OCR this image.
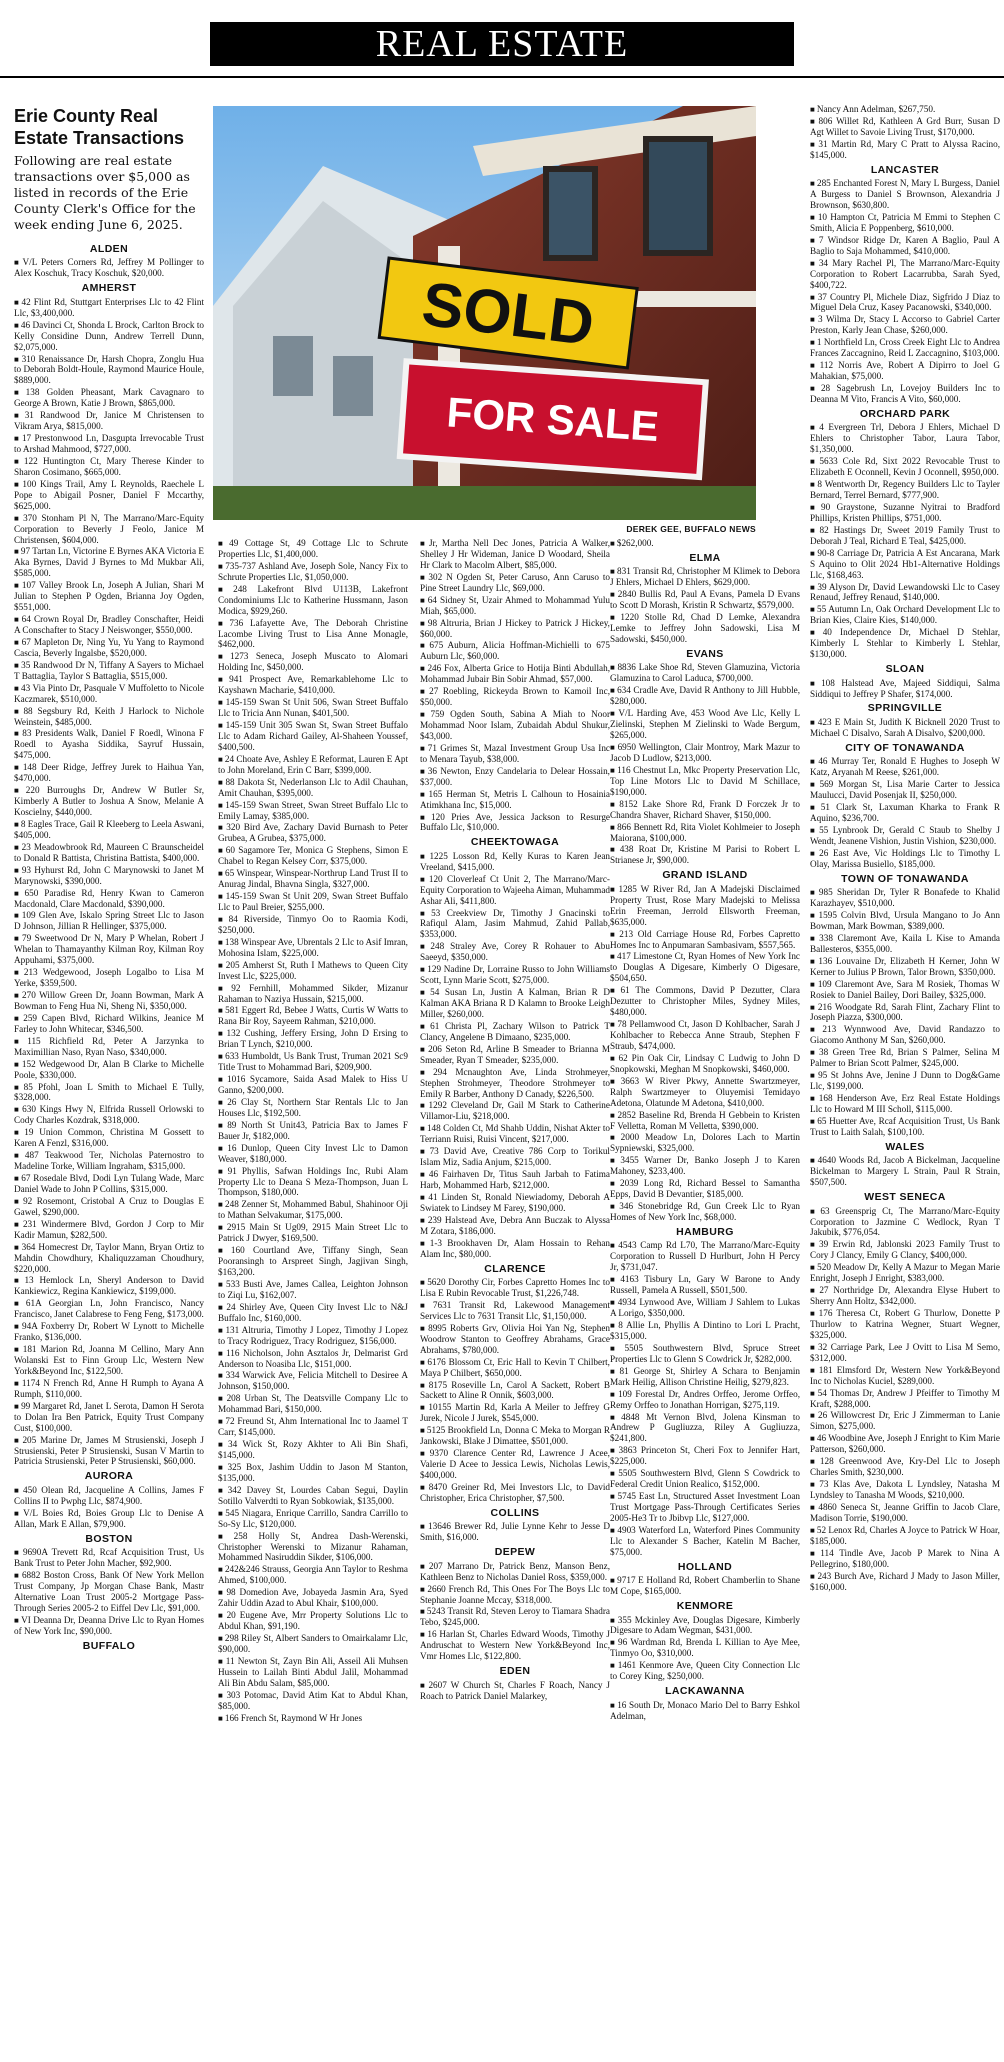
REAL ESTATE
Erie County Real Estate Transactions

Following are real estate transactions over $5,000 as listed in records of the Erie County Clerk's Office for the week ending June 6, 2025.

SOLD
FOR SALE
DEREK GEE, BUFFALO NEWS
ALDEN

■ V/L Peters Corners Rd, Jeffrey M Pollinger to Alex Koschuk, Tracy Koschuk, $20,000.

AMHERST

■ 42 Flint Rd, Stuttgart Enterprises Llc to 42 Flint Llc, $3,400,000.

■ 46 Davinci Ct, Shonda L Brock, Carlton Brock to Kelly Considine Dunn, Andrew Terrell Dunn, $2,075,000.

■ 310 Renaissance Dr, Harsh Chopra, Zonglu Hua to Deborah Boldt-Houle, Raymond Maurice Houle, $889,000.

■ 138 Golden Pheasant, Mark Cavagnaro to George A Brown, Katie J Brown, $865,000.

■ 31 Randwood Dr, Janice M Christensen to Vikram Arya, $815,000.

■ 17 Prestonwood Ln, Dasgupta Irrevocable Trust to Arshad Mahmood, $727,000.

■ 122 Huntington Ct, Mary Therese Kinder to Sharon Cosimano, $665,000.

■ 100 Kings Trail, Amy L Reynolds, Raechele L Pope to Abigail Posner, Daniel F Mccarthy, $625,000.

■ 370 Stonham Pl N, The Marrano/Marc-Equity Corporation to Beverly J Feolo, Janice M Christensen, $604,000.

■ 97 Tartan Ln, Victorine E Byrnes AKA Victoria E Aka Byrnes, David J Byrnes to Md Mukbar Ali, $585,000.

■ 107 Valley Brook Ln, Joseph A Julian, Shari M Julian to Stephen P Ogden, Brianna Joy Ogden, $551,000.

■ 64 Crown Royal Dr, Bradley Conschafter, Heidi A Conschafter to Stacy J Neiswonger, $550,000.

■ 67 Mapleton Dr, Ning Yu, Yu Yang to Raymond Cascia, Beverly Ingalsbe, $520,000.

■ 35 Randwood Dr N, Tiffany A Sayers to Michael T Battaglia, Taylor S Battaglia, $515,000.

■ 43 Via Pinto Dr, Pasquale V Muffoletto to Nicole Kaczmarek, $510,000.

■ 88 Segsbury Rd, Keith J Harlock to Nichole Weinstein, $485,000.

■ 83 Presidents Walk, Daniel F Roedl, Winona F Roedl to Ayasha Siddika, Sayruf Hussain, $475,000.

■ 148 Deer Ridge, Jeffrey Jurek to Haihua Yan, $470,000.

■ 220 Burroughs Dr, Andrew W Butler Sr, Kimberly A Butler to Joshua A Snow, Melanie A Koscielny, $440,000.

■ 8 Eagles Trace, Gail R Kleeberg to Leela Aswani, $405,000.

■ 23 Meadowbrook Rd, Maureen C Braunscheidel to Donald R Battista, Christina Battista, $400,000.

■ 93 Hyhurst Rd, John C Marynowski to Janet M Marynowski, $390,000.

■ 650 Paradise Rd, Henry Kwan to Cameron Macdonald, Clare Macdonald, $390,000.

■ 109 Glen Ave, Iskalo Spring Street Llc to Jason D Johnson, Jillian R Hellinger, $375,000.

■ 79 Sweetwood Dr N, Mary P Whelan, Robert J Whelan to Thamayanthy Kilman Roy, Kilman Roy Appuhami, $375,000.

■ 213 Wedgewood, Joseph Logalbo to Lisa M Yerke, $359,500.

■ 270 Willow Green Dr, Joann Bowman, Mark A Bowman to Feng Hua Ni, Sheng Ni, $350,000.

■ 259 Capen Blvd, Richard Wilkins, Jeanice M Farley to John Whitecar, $346,500.

■ 115 Richfield Rd, Peter A Jarzynka to Maximillian Naso, Ryan Naso, $340,000.

■ 152 Wedgewood Dr, Alan B Clarke to Michelle Poole, $330,000.

■ 85 Pfohl, Joan L Smith to Michael E Tully, $328,000.

■ 630 Kings Hwy N, Elfrida Russell Orlowski to Cody Charles Kozdrak, $318,000.

■ 19 Union Common, Christina M Gossett to Karen A Fenzl, $316,000.

■ 487 Teakwood Ter, Nicholas Paternostro to Madeline Torke, William Ingraham, $315,000.

■ 67 Rosedale Blvd, Dodi Lyn Tulang Wade, Marc Daniel Wade to John P Collins, $315,000.

■ 92 Rosemont, Cristobal A Cruz to Douglas E Gawel, $290,000.

■ 231 Windermere Blvd, Gordon J Corp to Mir Kadir Mamun, $282,500.

■ 364 Homecrest Dr, Taylor Mann, Bryan Ortiz to Mahdin Chowdhury, Khaliquzzaman Choudhury, $220,000.

■ 13 Hemlock Ln, Sheryl Anderson to David Kankiewicz, Regina Kankiewicz, $199,000.

■ 61A Georgian Ln, John Francisco, Nancy Francisco, Janet Calabrese to Feng Feng, $173,000.

■ 94A Foxberry Dr, Robert W Lynott to Michelle Franko, $136,000.

■ 181 Marion Rd, Joanna M Cellino, Mary Ann Wolanski Est to Finn Group Llc, Western New York&Beyond Inc, $122,500.

■ 1174 N French Rd, Anne H Rumph to Ayana A Rumph, $110,000.

■ 99 Margaret Rd, Janet L Serota, Damon H Serota to Dolan Ira Ben Patrick, Equity Trust Company Cust, $100,000.

■ 205 Marine Dr, James M Strusienski, Joseph J Strusienski, Peter P Strusienski, Susan V Martin to Patricia Strusienski, Peter P Strusienski, $60,000.

AURORA

■ 450 Olean Rd, Jacqueline A Collins, James F Collins II to Pwphg Llc, $874,900.

■ V/L Boies Rd, Boies Group Llc to Denise A Allan, Mark E Allan, $79,900.

BOSTON

■ 9690A Trevett Rd, Rcaf Acquisition Trust, Us Bank Trust to Peter John Macher, $92,900.

■ 6882 Boston Cross, Bank Of New York Mellon Trust Company, Jp Morgan Chase Bank, Mastr Alternative Loan Trust 2005-2 Mortgage Pass-Through Series 2005-2 to Eiffel Dev Llc, $91,000.

■ VI Deanna Dr, Deanna Drive Llc to Ryan Homes of New York Inc, $90,000.

BUFFALO

■ 49 Cottage St, 49 Cottage Llc to Schrute Properties Llc, $1,400,000.

■ 735-737 Ashland Ave, Joseph Sole, Nancy Fix to Schrute Properties Llc, $1,050,000.

■ 248 Lakefront Blvd U113B, Lakefront Condominiums Llc to Katherine Hussmann, Jason Modica, $929,260.

■ 736 Lafayette Ave, The Deborah Christine Lacombe Living Trust to Lisa Anne Monagle, $462,000.

■ 1273 Seneca, Joseph Muscato to Alomari Holding Inc, $450,000.

■ 941 Prospect Ave, Remarkablehome Llc to Kayshawn Macharie, $410,000.

■ 145-159 Swan St Unit 506, Swan Street Buffalo Llc to Tricia Ann Nunan, $401,500.

■ 145-159 Unit 305 Swan St, Swan Street Buffalo Llc to Adam Richard Gailey, Al-Shaheen Youssef, $400,500.

■ 24 Choate Ave, Ashley E Reformat, Lauren E Apt to John Moreland, Erin C Barr, $399,000.

■ 88 Dakota St, Nederlanson Llc to Adil Chauhan, Amit Chauhan, $395,000.

■ 145-159 Swan Street, Swan Street Buffalo Llc to Emily Lamay, $385,000.

■ 320 Bird Ave, Zachary David Burnash to Peter Grubea, A Grubea, $375,000.

■ 60 Sagamore Ter, Monica G Stephens, Simon E Chabel to Regan Kelsey Corr, $375,000.

■ 65 Winspear, Winspear-Northrup Land Trust II to Anurag Jindal, Bhavna Singla, $327,000.

■ 145-159 Swan St Unit 209, Swan Street Buffalo Llc to Paul Breier, $255,000.

■ 84 Riverside, Tinmyo Oo to Raomia Kodi, $250,000.

■ 138 Winspear Ave, Ubrentals 2 Llc to Asif Imran, Mohosina Islam, $225,000.

■ 205 Amherst St, Ruth I Mathews to Queen City Invest Llc, $225,000.

■ 92 Fernhill, Mohammed Sikder, Mizanur Rahaman to Naziya Hussain, $215,000.

■ 581 Eggert Rd, Bebee J Watts, Curtis W Watts to Rana Bir Roy, Sayeem Rahman, $210,000.

■ 132 Cushing, Jeffery Ersing, John D Ersing to Brian T Lynch, $210,000.

■ 633 Humboldt, Us Bank Trust, Truman 2021 Sc9 Title Trust to Mohammad Bari, $209,900.

■ 1016 Sycamore, Saida Asad Malek to Hiss U Ganno, $200,000.

■ 26 Clay St, Northern Star Rentals Llc to Jan Houses Llc, $192,500.

■ 89 North St Unit43, Patricia Bax to James F Bauer Jr, $182,000.

■ 16 Dunlop, Queen City Invest Llc to Damon Weaver, $180,000.

■ 91 Phyllis, Safwan Holdings Inc, Rubi Alam Property Llc to Deana S Meza-Thompson, Juan L Thompson, $180,000.

■ 248 Zenner St, Mohammed Babul, Shahinoor Oji to Mathan Selvakumar, $175,000.

■ 2915 Main St Ug09, 2915 Main Street Llc to Patrick J Dwyer, $169,500.

■ 160 Courtland Ave, Tiffany Singh, Sean Pooransingh to Arspreet Singh, Jagjivan Singh, $163,200.

■ 533 Busti Ave, James Callea, Leighton Johnson to Ziqi Lu, $162,007.

■ 24 Shirley Ave, Queen City Invest Llc to N&J Buffalo Inc, $160,000.

■ 131 Altruria, Timothy J Lopez, Timothy J Lopez to Tracy Rodriguez, Tracy Rodriguez, $156,000.

■ 116 Nicholson, John Asztalos Jr, Delmarist Grd Anderson to Noasiba Llc, $151,000.

■ 334 Warwick Ave, Felicia Mitchell to Desiree A Johnson, $150,000.

■ 208 Urban St, The Deatsville Company Llc to Mohammad Bari, $150,000.

■ 72 Freund St, Ahm International Inc to Jaamel T Carr, $145,000.

■ 34 Wick St, Rozy Akhter to Ali Bin Shafi, $145,000.

■ 325 Box, Jashim Uddin to Jason M Stanton, $135,000.

■ 342 Davey St, Lourdes Caban Segui, Daylin Sotillo Valverdti to Ryan Sobkowiak, $135,000.

■ 545 Niagara, Enrique Carrillo, Sandra Carrillo to So-Sy Llc, $120,000.

■ 258 Holly St, Andrea Dash-Werenski, Christopher Werenski to Mizanur Rahaman, Mohammed Nasiruddin Sikder, $106,000.

■ 242&246 Strauss, Georgia Ann Taylor to Reshma Ahmed, $100,000.

■ 98 Domedion Ave, Jobayeda Jasmin Ara, Syed Zahir Uddin Azad to Abul Khair, $100,000.

■ 20 Eugene Ave, Mrr Property Solutions Llc to Abdul Khan, $91,190.

■ 298 Riley St, Albert Sanders to Omairkalamr Llc, $90,000.

■ 11 Newton St, Zayn Bin Ali, Asseil Ali Muhsen Hussein to Lailah Binti Abdul Jalil, Mohammad Ali Bin Abdu Salam, $85,000.

■ 303 Potomac, David Atim Kat to Abdul Khan, $85,000.

■ 166 French St, Raymond W Hr Jones

■ Jr, Martha Nell Dec Jones, Patricia A Walker, Shelley J Hr Wideman, Janice D Woodard, Sheila Hr Clark to Macolm Albert, $85,000.

■ 302 N Ogden St, Peter Caruso, Ann Caruso to Pine Street Laundry Llc, $69,000.

■ 64 Sidney St, Uzair Ahmed to Mohammad Yulu Miah, $65,000.

■ 98 Altruria, Brian J Hickey to Patrick J Hickey, $60,000.

■ 675 Auburn, Alicia Hoffman-Michielli to 675 Auburn Llc, $60,000.

■ 246 Fox, Alberta Grice to Hotija Binti Abdullah, Mohammad Jubair Bin Sobir Ahmad, $57,000.

■ 27 Roebling, Rickeyda Brown to Kamoil Inc, $50,000.

■ 759 Ogden South, Sabina A Miah to Noor Mohammad Noor Islam, Zubaidah Abdul Shukur, $43,000.

■ 71 Grimes St, Mazal Investment Group Usa Inc to Menara Tayub, $38,000.

■ 36 Newton, Enzy Candelaria to Delear Hossain, $37,000.

■ 165 Herman St, Metris L Calhoun to Hosainia Atimkhana Inc, $15,000.

■ 120 Pries Ave, Jessica Jackson to Resurge Buffalo Llc, $10,000.

CHEEKTOWAGA

■ 1225 Losson Rd, Kelly Kuras to Karen Jean Vreeland, $415,000.

■ 120 Cloverleaf Ct Unit 2, The Marrano/Marc-Equity Corporation to Wajeeha Aiman, Muhammad Ashar Ali, $411,800.

■ 53 Creekview Dr, Timothy J Gnacinski to Rafiqul Alam, Jasim Mahmud, Zahid Pallab, $353,000.

■ 248 Straley Ave, Corey R Rohauer to Abu Saeeyd, $350,000.

■ 129 Nadine Dr, Lorraine Russo to John Williams Scott, Lynn Marie Scott, $275,000.

■ 54 Susan Ln, Justin A Kalman, Brian R D Kalman AKA Briana R D Kalamn to Brooke Leigh Miller, $260,000.

■ 61 Christa Pl, Zachary Wilson to Patrick T Clancy, Angelene B Dimaano, $235,000.

■ 206 Seton Rd, Arline B Smeader to Brianna M Smeader, Ryan T Smeader, $235,000.

■ 294 Mcnaughton Ave, Linda Strohmeyer, Stephen Strohmeyer, Theodore Strohmeyer to Emily R Barber, Anthony D Canady, $226,500.

■ 1292 Cleveland Dr, Gail M Stark to Catherine Villamor-Liu, $218,000.

■ 148 Colden Ct, Md Shahb Uddin, Nishat Akter to Terriann Ruisi, Ruisi Vincent, $217,000.

■ 73 David Ave, Creative 786 Corp to Torikul Islam Miz, Sadia Anjum, $215,000.

■ 46 Fairhaven Dr, Titus Sauh Jarbah to Fatima Harb, Mohammed Harb, $212,000.

■ 41 Linden St, Ronald Niewiadomy, Deborah A Swiatek to Lindsey M Farey, $190,000.

■ 239 Halstead Ave, Debra Ann Buczak to Alyssa M Zotara, $186,000.

■ 1-3 Brookhaven Dr, Alam Hossain to Rehan Alam Inc, $80,000.

CLARENCE

■ 5620 Dorothy Cir, Forbes Capretto Homes Inc to Lisa E Rubin Revocable Trust, $1,226,748.

■ 7631 Transit Rd, Lakewood Management Services Llc to 7631 Transit Llc, $1,150,000.

■ 8995 Roberts Grv, Olivia Hoi Yan Ng, Stephen Woodrow Stanton to Geoffrey Abrahams, Grace Abrahams, $780,000.

■ 6176 Blossom Ct, Eric Hall to Kevin T Chilbert, Maya P Chilbert, $650,000.

■ 8175 Roseville Ln, Carol A Sackett, Robert B Sackett to Aline R Onnik, $603,000.

■ 10155 Martin Rd, Karla A Meiler to Jeffrey G Jurek, Nicole J Jurek, $545,000.

■ 5125 Brookfield Ln, Donna C Meka to Morgan R Jankowski, Blake J Dimattee, $501,000.

■ 9370 Clarence Center Rd, Lawrence J Acee, Valerie D Acee to Jessica Lewis, Nicholas Lewis, $400,000.

■ 8470 Greiner Rd, Mei Investors Llc, to David Christopher, Erica Christopher, $7,500.

COLLINS

■ 13646 Brewer Rd, Julie Lynne Kehr to Jesse D Smith, $16,000.

DEPEW

■ 207 Marrano Dr, Patrick Benz, Manson Benz, Kathleen Benz to Nicholas Daniel Ross, $359,000.

■ 2660 French Rd, This Ones For The Boys Llc to Stephanie Joanne Mccay, $318,000.

■ 5243 Transit Rd, Steven Leroy to Tiamara Shadra Tebo, $245,000.

■ 16 Harlan St, Charles Edward Woods, Timothy J Andruschat to Western New York&Beyond Inc, Vmr Homes Llc, $122,800.

EDEN

■ 2607 W Church St, Charles F Roach, Nancy J Roach to Patrick Daniel Malarkey,

■ $262,000.

ELMA

■ 831 Transit Rd, Christopher M Klimek to Debora J Ehlers, Michael D Ehlers, $629,000.

■ 2840 Bullis Rd, Paul A Evans, Pamela D Evans to Scott D Morash, Kristin R Schwartz, $579,000.

■ 1220 Stolle Rd, Chad D Lemke, Alexandra Lemke to Jeffrey John Sadowski, Lisa M Sadowski, $450,000.

EVANS

■ 8836 Lake Shoe Rd, Steven Glamuzina, Victoria Glamuzina to Carol Laduca, $700,000.

■ 634 Cradle Ave, David R Anthony to Jill Hubble, $280,000.

■ V/L Harding Ave, 453 Wood Ave Llc, Kelly L Zielinski, Stephen M Zielinski to Wade Bergum, $265,000.

■ 6950 Wellington, Clair Montroy, Mark Mazur to Jacob D Ludlow, $213,000.

■ 116 Chestnut Ln, Mkc Property Preservation Llc, Top Line Motors Llc to David M Schillace, $190,000.

■ 8152 Lake Shore Rd, Frank D Forczek Jr to Chandra Shaver, Richard Shaver, $150,000.

■ 866 Bennett Rd, Rita Violet Kohlmeier to Joseph Maiorana, $100,000.

■ 438 Roat Dr, Kristine M Parisi to Robert L Strianese Jr, $90,000.

GRAND ISLAND

■ 1285 W River Rd, Jan A Madejski Disclaimed Property Trust, Rose Mary Madejski to Melissa Erin Freeman, Jerrold Ellsworth Freeman, $635,000.

■ 213 Old Carriage House Rd, Forbes Capretto Homes Inc to Anpumaran Sambasivam, $557,565.

■ 417 Limestone Ct, Ryan Homes of New York Inc to Douglas A Digesare, Kimberly O Digesare, $504,650.

■ 61 The Commons, David P Dezutter, Clara Dezutter to Christopher Miles, Sydney Miles, $480,000.

■ 78 Pellamwood Ct, Jason D Kohlbacher, Sarah J Kohlbacher to Rebecca Anne Straub, Stephen F Straub, $474,000.

■ 62 Pin Oak Cir, Lindsay C Ludwig to John D Snopkowski, Meghan M Snopkowski, $460,000.

■ 3663 W River Pkwy, Annette Swartzmeyer, Ralph Swartzmeyer to Oluyemisi Temidayo Adetona, Olatunde M Adetona, $410,000.

■ 2852 Baseline Rd, Brenda H Gebbein to Kristen F Velletta, Roman M Velletta, $390,000.

■ 2000 Meadow Ln, Dolores Lach to Martin Sypniewski, $325,000.

■ 3455 Warner Dr, Banko Joseph J to Karen Mahoney, $233,400.

■ 2039 Long Rd, Richard Bessel to Samantha Epps, David B Devantier, $185,000.

■ 346 Stonebridge Rd, Gun Creek Llc to Ryan Homes of New York Inc, $68,000.

HAMBURG

■ 4543 Camp Rd L70, The Marrano/Marc-Equity Corporation to Russell D Hurlburt, John H Percy Jr, $731,047.

■ 4163 Tisbury Ln, Gary W Barone to Andy Russell, Pamela A Russell, $501,500.

■ 4934 Lynwood Ave, William J Sahlem to Lukas A Lorigo, $350,000.

■ 8 Allie Ln, Phyllis A Dintino to Lori L Pracht, $315,000.

■ 5505 Southwestern Blvd, Spruce Street Properties Llc to Glenn S Cowdrick Jr, $282,000.

■ 81 George St, Shirley A Schara to Benjamin Mark Heilig, Allison Christine Heilig, $279,823.

■ 109 Forestal Dr, Andres Orffeo, Jerome Orffeo, Remy Orffeo to Jonathan Horrigan, $275,119.

■ 4848 Mt Vernon Blvd, Jolena Kinsman to Andrew P Gugliuzza, Riley A Gugliuzza, $241,800.

■ 3863 Princeton St, Cheri Fox to Jennifer Hart, $225,000.

■ 5505 Southwestern Blvd, Glenn S Cowdrick to Federal Credit Union Realico, $152,000.

■ 5745 East Ln, Structured Asset Investment Loan Trust Mortgage Pass-Through Certificates Series 2005-He3 Tr to Jbibvp Llc, $127,000.

■ 4903 Waterford Ln, Waterford Pines Community Llc to Alexander S Bacher, Katelin M Bacher, $75,000.

HOLLAND

■ 9717 E Holland Rd, Robert Chamberlin to Shane M Cope, $165,000.

KENMORE

■ 355 Mckinley Ave, Douglas Digesare, Kimberly Digesare to Adam Wegman, $431,000.

■ 96 Wardman Rd, Brenda L Killian to Aye Mee, Tinmyo Oo, $310,000.

■ 1461 Kenmore Ave, Queen City Connection Llc to Corey King, $250,000.

LACKAWANNA

■ 16 South Dr, Monaco Mario Del to Barry Eshkol Adelman,

■ Nancy Ann Adelman, $267,750.

■ 806 Willet Rd, Kathleen A Grd Burr, Susan D Agt Willet to Savoie Living Trust, $170,000.

■ 31 Martin Rd, Mary C Pratt to Alyssa Racino, $145,000.

LANCASTER

■ 285 Enchanted Forest N, Mary L Burgess, Daniel A Burgess to Daniel S Brownson, Alexandria J Brownson, $630,800.

■ 10 Hampton Ct, Patricia M Emmi to Stephen C Smith, Alicia E Poppenberg, $610,000.

■ 7 Windsor Ridge Dr, Karen A Baglio, Paul A Baglio to Saja Mohammed, $410,000.

■ 34 Mary Rachel Pl, The Marrano/Marc-Equity Corporation to Robert Lacarrubba, Sarah Syed, $400,722.

■ 37 Country Pl, Michele Diaz, Sigfrido J Diaz to Miguel Dela Cruz, Kasey Pacanowski, $340,000.

■ 3 Wilma Dr, Stacy L Accorso to Gabriel Carter Preston, Karly Jean Chase, $260,000.

■ 1 Northfield Ln, Cross Creek Eight Llc to Andrea Frances Zaccagnino, Reid L Zaccagnino, $103,000.

■ 112 Norris Ave, Robert A Dipirro to Joel G Mahakian, $75,000.

■ 28 Sagebrush Ln, Lovejoy Builders Inc to Deanna M Vito, Francis A Vito, $60,000.

ORCHARD PARK

■ 4 Evergreen Trl, Debora J Ehlers, Michael D Ehlers to Christopher Tabor, Laura Tabor, $1,350,000.

■ 5633 Cole Rd, Sixt 2022 Revocable Trust to Elizabeth E Oconnell, Kevin J Oconnell, $950,000.

■ 8 Wentworth Dr, Regency Builders Llc to Tayler Bernard, Terrel Bernard, $777,900.

■ 90 Graystone, Suzanne Nyitrai to Bradford Phillips, Kristen Phillips, $751,000.

■ 82 Hastings Dr, Sweet 2019 Family Trust to Deborah J Teal, Richard E Teal, $425,000.

■ 90-8 Carriage Dr, Patricia A Est Ancarana, Mark S Aquino to Olit 2024 Hb1-Alternative Holdings Llc, $168,463.

■ 39 Alyson Dr, David Lewandowski Llc to Casey Renaud, Jeffrey Renaud, $140,000.

■ 55 Autumn Ln, Oak Orchard Development Llc to Brian Kies, Claire Kies, $140,000.

■ 40 Independence Dr, Michael D Stehlar, Kimberly L Stehlar to Kimberly L Stehlar, $130,000.

SLOAN

■ 108 Halstead Ave, Majeed Siddiqui, Salma Siddiqui to Jeffrey P Shafer, $174,000.

SPRINGVILLE

■ 423 E Main St, Judith K Bicknell 2020 Trust to Michael C Disalvo, Sarah A Disalvo, $200,000.

CITY OF TONAWANDA

■ 46 Murray Ter, Ronald E Hughes to Joseph W Katz, Aryanah M Reese, $261,000.

■ 569 Morgan St, Lisa Marie Carter to Jessica Maulucci, David Posenjak II, $250,000.

■ 51 Clark St, Laxuman Kharka to Frank R Aquino, $236,700.

■ 55 Lynbrook Dr, Gerald C Staub to Shelby J Wendt, Jeanene Vishion, Justin Vishion, $230,000.

■ 26 East Ave, Vic Holdings Llc to Timothy L Olay, Marissa Busiello, $185,000.

TOWN OF TONAWANDA

■ 985 Sheridan Dr, Tyler R Bonafede to Khalid Karazhayev, $510,000.

■ 1595 Colvin Blvd, Ursula Mangano to Jo Ann Bowman, Mark Bowman, $389,000.

■ 338 Claremont Ave, Kaila L Kise to Amanda Ballesteros, $355,000.

■ 136 Louvaine Dr, Elizabeth H Kerner, John W Kerner to Julius P Brown, Talor Brown, $350,000.

■ 109 Claremont Ave, Sara M Rosiek, Thomas W Rosiek to Daniel Bailey, Dori Bailey, $325,000.

■ 216 Woodgate Rd, Sarah Flint, Zachary Flint to Joseph Piazza, $300,000.

■ 213 Wynnwood Ave, David Randazzo to Giacomo Anthony M San, $260,000.

■ 38 Green Tree Rd, Brian S Palmer, Selina M Palmer to Brian Scott Palmer, $245,000.

■ 95 St Johns Ave, Jenine J Dunn to Dog&Game Llc, $199,000.

■ 168 Henderson Ave, Erz Real Estate Holdings Llc to Howard M III Scholl, $115,000.

■ 65 Huetter Ave, Rcaf Acquisition Trust, Us Bank Trust to Laith Salah, $100,100.

WALES

■ 4640 Woods Rd, Jacob A Bickelman, Jacqueline Bickelman to Margery L Strain, Paul R Strain, $507,500.

WEST SENECA

■ 63 Greensprig Ct, The Marrano/Marc-Equity Corporation to Jazmine C Wedlock, Ryan T Jakubik, $776,054.

■ 39 Erwin Rd, Jablonski 2023 Family Trust to Cory J Clancy, Emily G Clancy, $400,000.

■ 520 Meadow Dr, Kelly A Mazur to Megan Marie Enright, Joseph J Enright, $383,000.

■ 27 Northridge Dr, Alexandra Elyse Hubert to Sherry Ann Holtz, $342,000.

■ 176 Theresa Ct, Robert G Thurlow, Donette P Thurlow to Katrina Wegner, Stuart Wegner, $325,000.

■ 32 Carriage Park, Lee J Ovitt to Lisa M Semo, $312,000.

■ 181 Elmsford Dr, Western New York&Beyond Inc to Nicholas Kuciel, $289,000.

■ 54 Thomas Dr, Andrew J Pfeiffer to Timothy M Kraft, $288,000.

■ 26 Willowcrest Dr, Eric J Zimmerman to Lanie Simon, $275,000.

■ 46 Woodbine Ave, Joseph J Enright to Kim Marie Patterson, $260,000.

■ 128 Greenwood Ave, Kry-Del Llc to Joseph Charles Smith, $230,000.

■ 73 Klas Ave, Dakota L Lyndsley, Natasha M Lyndsley to Tanasha M Woods, $210,000.

■ 4860 Seneca St, Jeanne Griffin to Jacob Clare, Madison Torrie, $190,000.

■ 52 Lenox Rd, Charles A Joyce to Patrick W Hoar, $185,000.

■ 114 Tindle Ave, Jacob P Marek to Nina A Pellegrino, $180,000.

■ 243 Burch Ave, Richard J Mady to Jason Miller, $160,000.
